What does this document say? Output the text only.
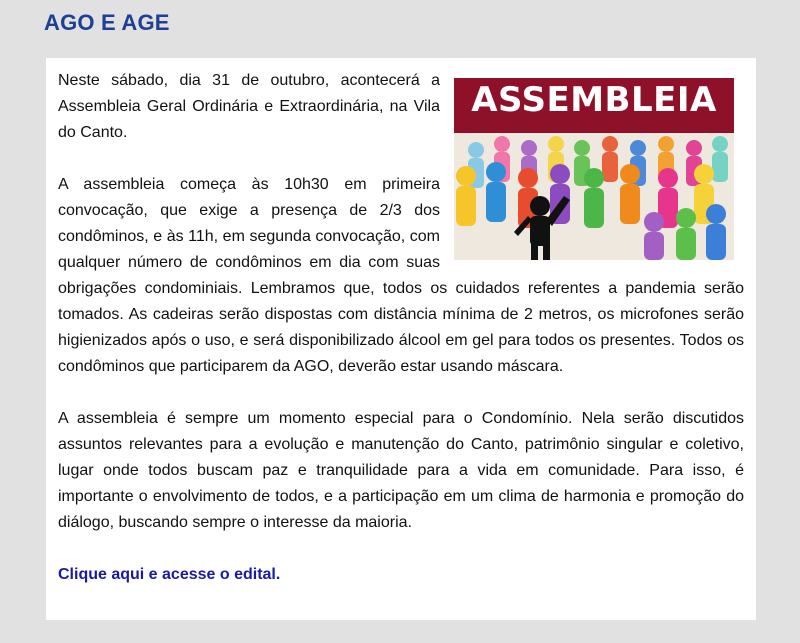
AGO E AGE
ASSEMBLEIA

Neste sábado, dia 31 de outubro, acontecerá a Assembleia Geral Ordinária e Extraordinária, na Vila do Canto.

A assembleia começa às 10h30 em primeira convocação, que exige a presença de 2/3 dos condôminos, e às 11h, em segunda convocação, com qualquer número de condôminos em dia com suas obrigações condominiais. Lembramos que, todos os cuidados referentes a pandemia serão tomados. As cadeiras serão dispostas com distância mínima de 2 metros, os microfones serão higienizados após o uso, e será disponibilizado álcool em gel para todos os presentes. Todos os condôminos que participarem da AGO, deverão estar usando máscara.

A assembleia é sempre um momento especial para o Condomínio. Nela serão discutidos assuntos relevantes para a evolução e manutenção do Canto, patrimônio singular e coletivo, lugar onde todos buscam paz e tranquilidade para a vida em comunidade. Para isso, é importante o envolvimento de todos, e a participação em um clima de harmonia e promoção do diálogo, buscando sempre o interesse da maioria.

Clique aqui e acesse o edital.
